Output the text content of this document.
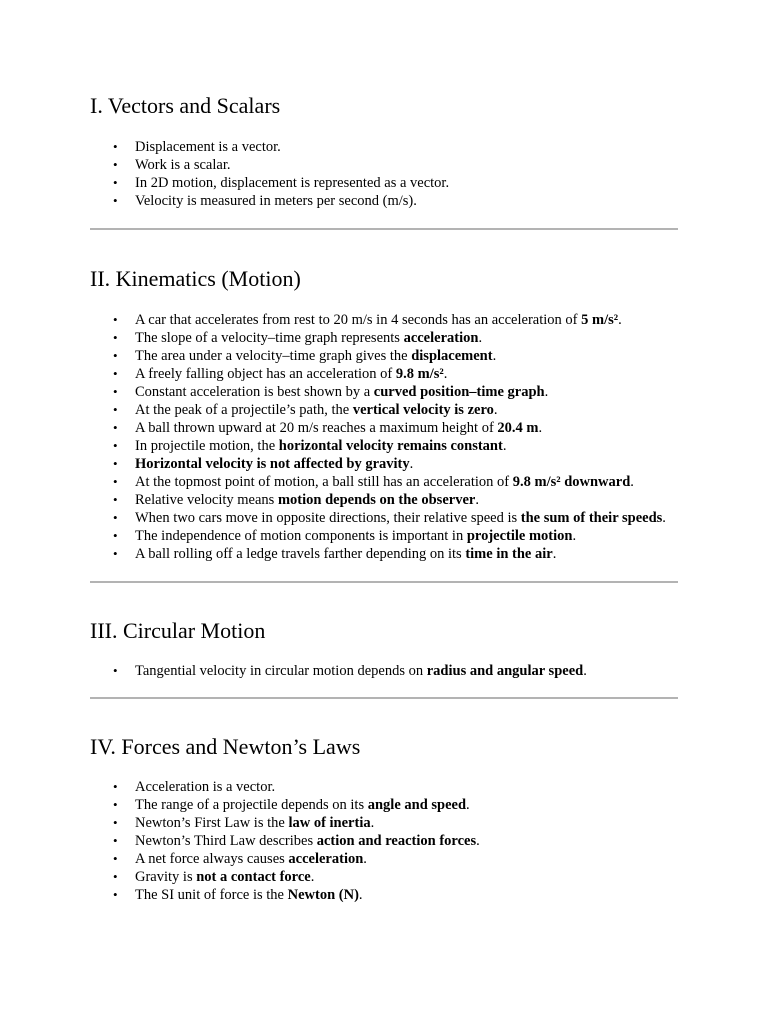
I. Vectors and Scalars
• Displacement is a vector.
• Work is a scalar.
• In 2D motion, displacement is represented as a vector.
• Velocity is measured in meters per second (m/s).
II. Kinematics (Motion)
• A car that accelerates from rest to 20 m/s in 4 seconds has an acceleration of 5 m/s².
• The slope of a velocity–time graph represents acceleration.
• The area under a velocity–time graph gives the displacement.
• A freely falling object has an acceleration of 9.8 m/s².
• Constant acceleration is best shown by a curved position–time graph.
• At the peak of a projectile’s path, the vertical velocity is zero.
• A ball thrown upward at 20 m/s reaches a maximum height of 20.4 m.
• In projectile motion, the horizontal velocity remains constant.
• Horizontal velocity is not affected by gravity.
• At the topmost point of motion, a ball still has an acceleration of 9.8 m/s² downward.
• Relative velocity means motion depends on the observer.
• When two cars move in opposite directions, their relative speed is the sum of their speeds.
• The independence of motion components is important in projectile motion.
• A ball rolling off a ledge travels farther depending on its time in the air.
III. Circular Motion
• Tangential velocity in circular motion depends on radius and angular speed.
IV. Forces and Newton’s Laws
• Acceleration is a vector.
• The range of a projectile depends on its angle and speed.
• Newton’s First Law is the law of inertia.
• Newton’s Third Law describes action and reaction forces.
• A net force always causes acceleration.
• Gravity is not a contact force.
• The SI unit of force is the Newton (N).
